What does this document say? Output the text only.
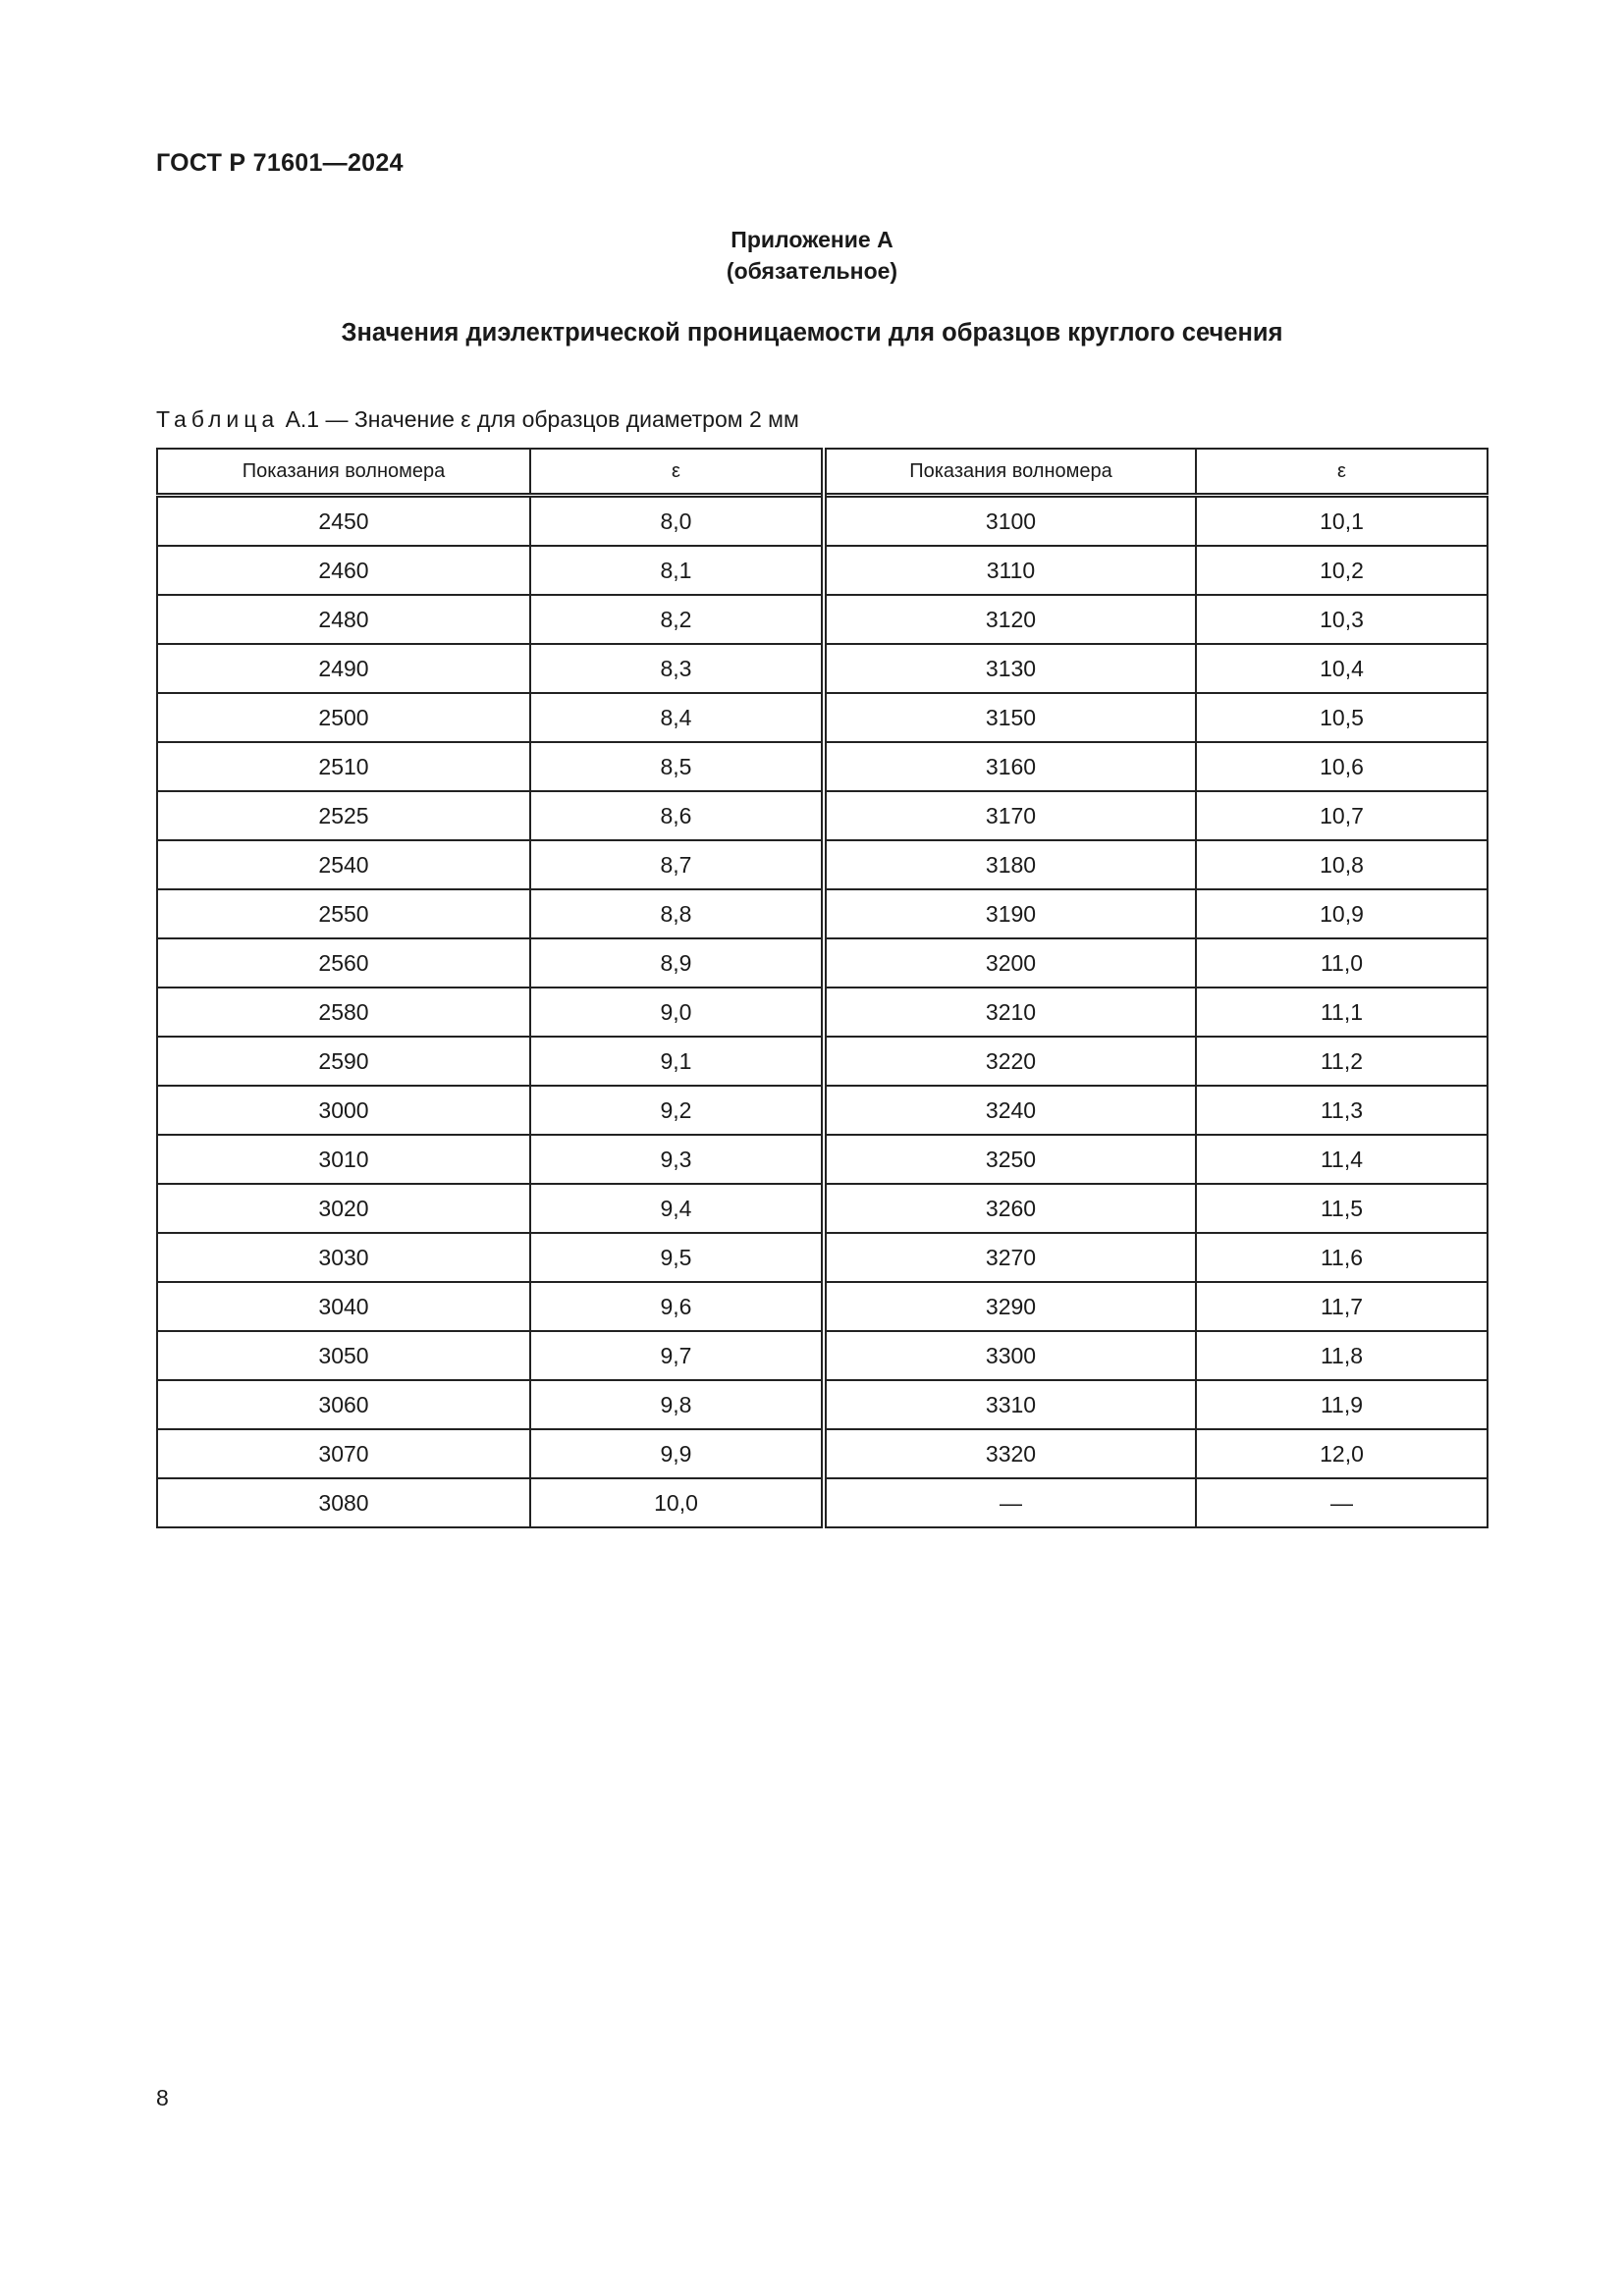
ГОСТ Р 71601—2024
Приложение А
(обязательное)
Значения диэлектрической проницаемости для образцов круглого сечения
Таблица А.1 — Значение ε для образцов диаметром 2 мм
Показания волномера	ε	Показания волномера	ε
2450	8,0	3100	10,1
2460	8,1	3110	10,2
2480	8,2	3120	10,3
2490	8,3	3130	10,4
2500	8,4	3150	10,5
2510	8,5	3160	10,6
2525	8,6	3170	10,7
2540	8,7	3180	10,8
2550	8,8	3190	10,9
2560	8,9	3200	11,0
2580	9,0	3210	11,1
2590	9,1	3220	11,2
3000	9,2	3240	11,3
3010	9,3	3250	11,4
3020	9,4	3260	11,5
3030	9,5	3270	11,6
3040	9,6	3290	11,7
3050	9,7	3300	11,8
3060	9,8	3310	11,9
3070	9,9	3320	12,0
3080	10,0	—	—
8
